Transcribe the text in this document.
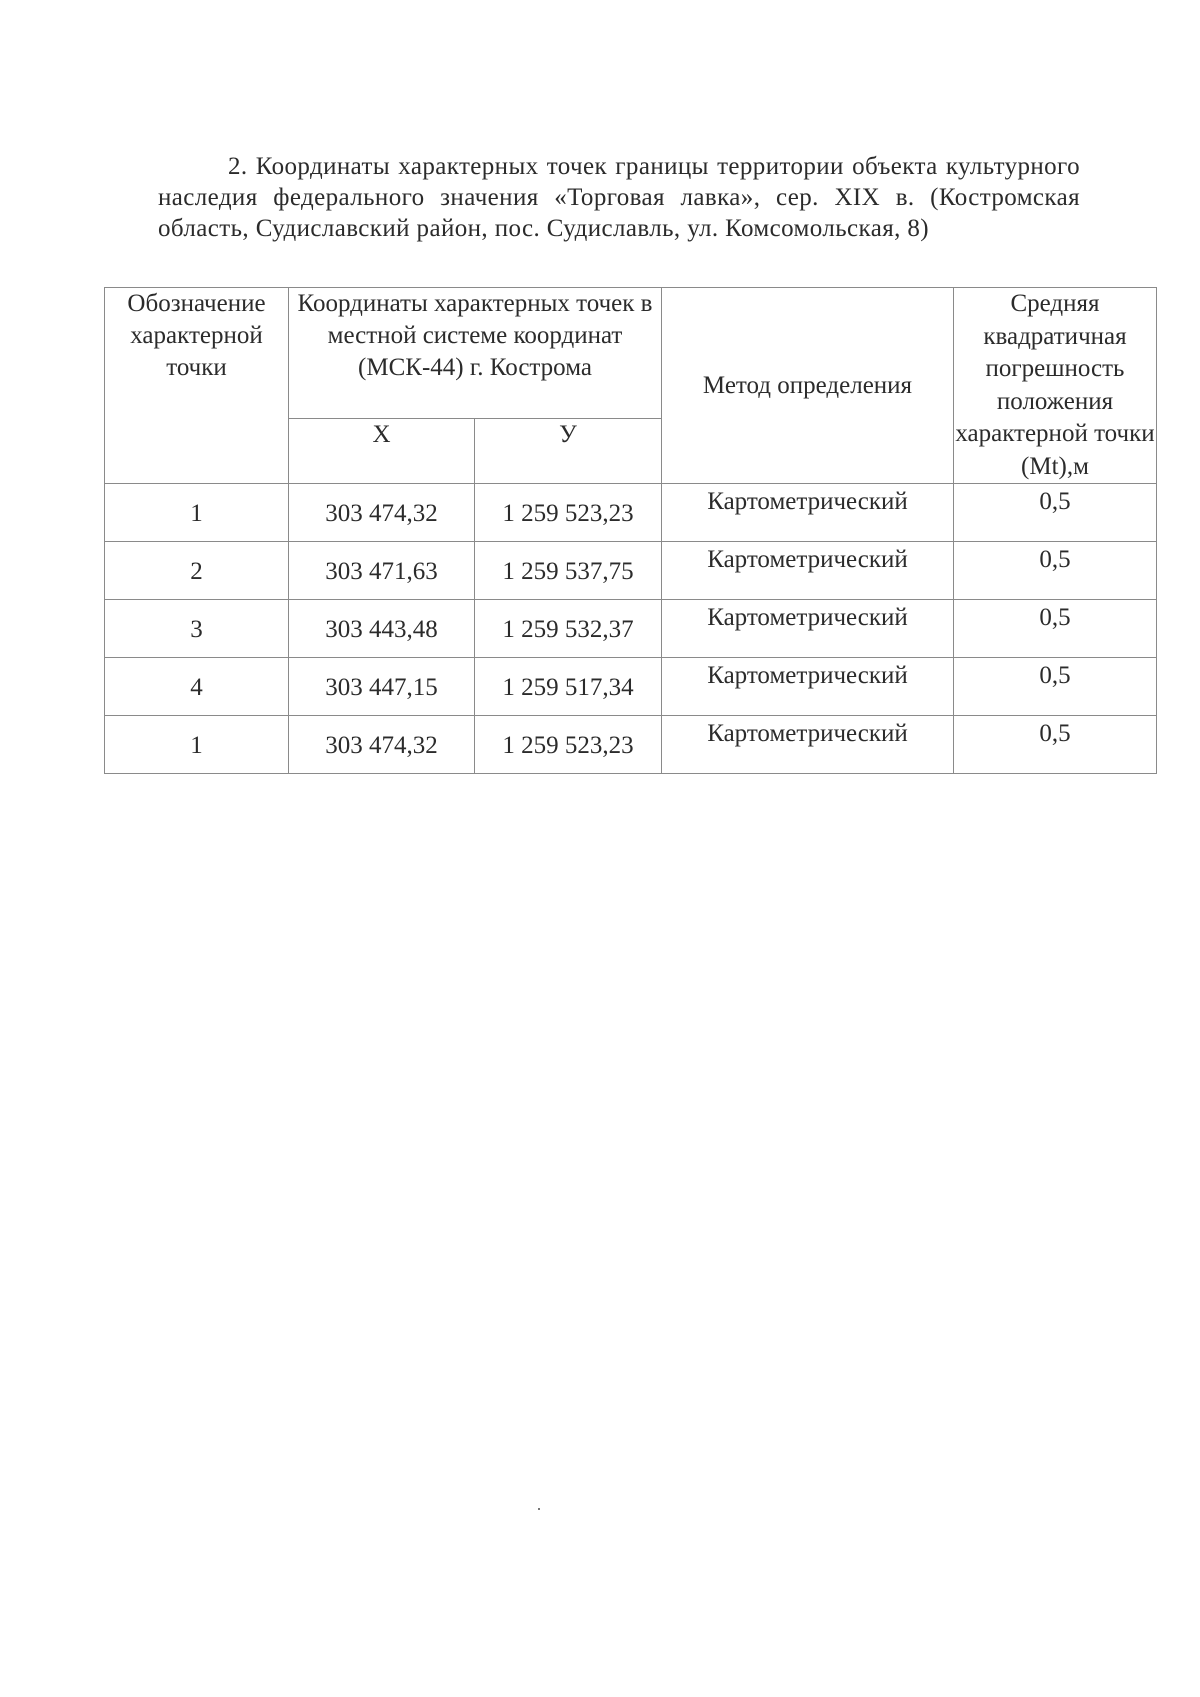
2. Координаты характерных точек границы территории объекта культурного наследия федерального значения «Торговая лавка», сер. XIX в. (Костромская область, Судиславский район, пос. Судиславль, ул. Комсомольская, 8)

Обозначение характерной точки	Координаты характерных точек в местной системе координат (МСК-44) г. Кострома		Метод определения	Средняя квадратичная погрешность положения характерной точки (Mt),м
	X	У		
1	303 474,32	1 259 523,23	Картометрический	0,5
2	303 471,63	1 259 537,75	Картометрический	0,5
3	303 443,48	1 259 532,37	Картометрический	0,5
4	303 447,15	1 259 517,34	Картометрический	0,5
1	303 474,32	1 259 523,23	Картометрический	0,5
